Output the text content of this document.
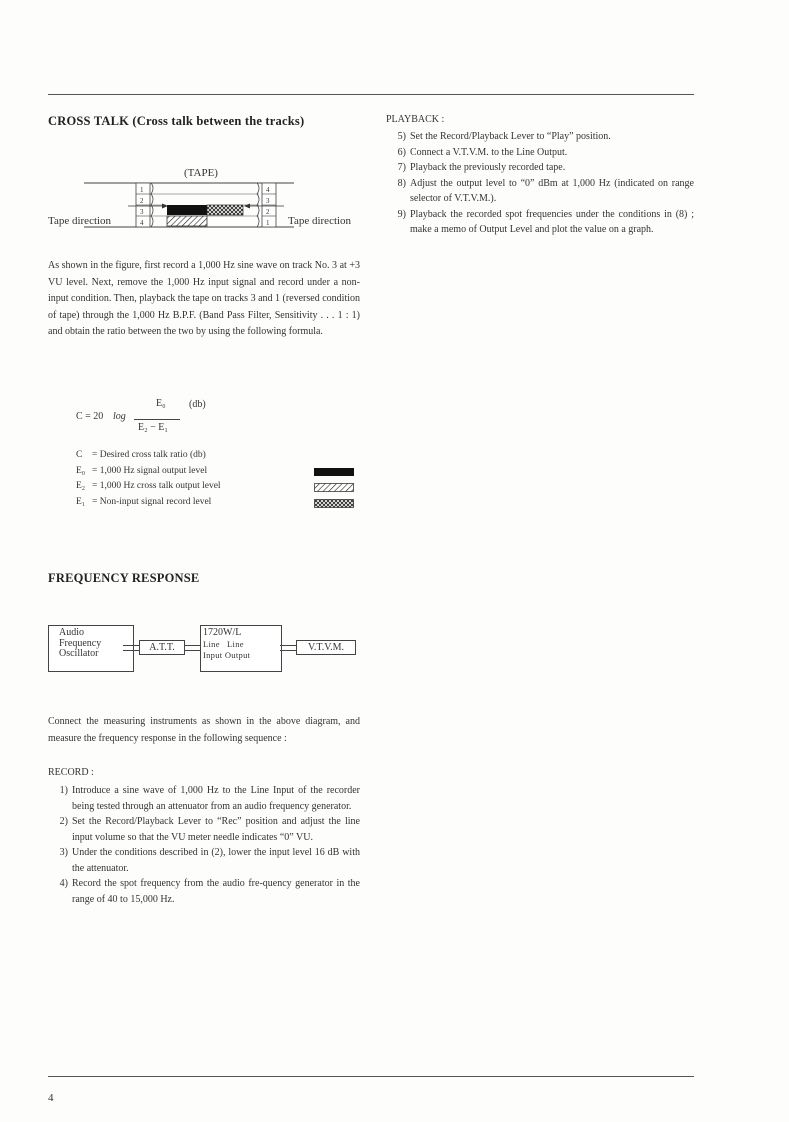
CROSS TALK (Cross talk between the tracks)
(TAPE)
1
2
3
4
4
3
2
1
Tape direction	Tape direction
As shown in the figure, first record a 1,000 Hz sine wave on track No. 3 at +3 VU level. Next, remove the 1,000 Hz input signal and record under a non-input condition. Then, playback the tape on tracks 3 and 1 (reversed condition of tape) through the 1,000 Hz B.P.F. (Band Pass Filter, Sensitivity . . . 1 : 1) and obtain the ratio between the two by using the following formula.
C = 20 log
E₀
E₂ − E₁
(db)
C = Desired cross talk ratio (db)
E₀ = 1,000 Hz signal output level
E₂ = 1,000 Hz cross talk output level
E₁ = Non-input signal record level
FREQUENCY RESPONSE
Audio
Frequency
Oscillator
A.T.T.
1720W/L
Line   Line
Input Output
V.T.V.M.
Connect the measuring instruments as shown in the above diagram, and measure the frequency response in the following sequence :
RECORD :
1) Introduce a sine wave of 1,000 Hz to the Line Input of the recorder being tested through an attenuator from an audio frequency generator.
2) Set the Record/Playback Lever to “Rec” position and adjust the line input volume so that the VU meter needle indicates “0” VU.
3) Under the conditions described in (2), lower the input level 16 dB with the attenuator.
4) Record the spot frequency from the audio fre-quency generator in the range of 40 to 15,000 Hz.
PLAYBACK :
5) Set the Record/Playback Lever to “Play” position.
6) Connect a V.T.V.M. to the Line Output.
7) Playback the previously recorded tape.
8) Adjust the output level to “0” dBm at 1,000 Hz (indicated on range selector of V.T.V.M.).
9) Playback the recorded spot frequencies under the conditions in (8) ; make a memo of Output Level and plot the value on a graph.
4
